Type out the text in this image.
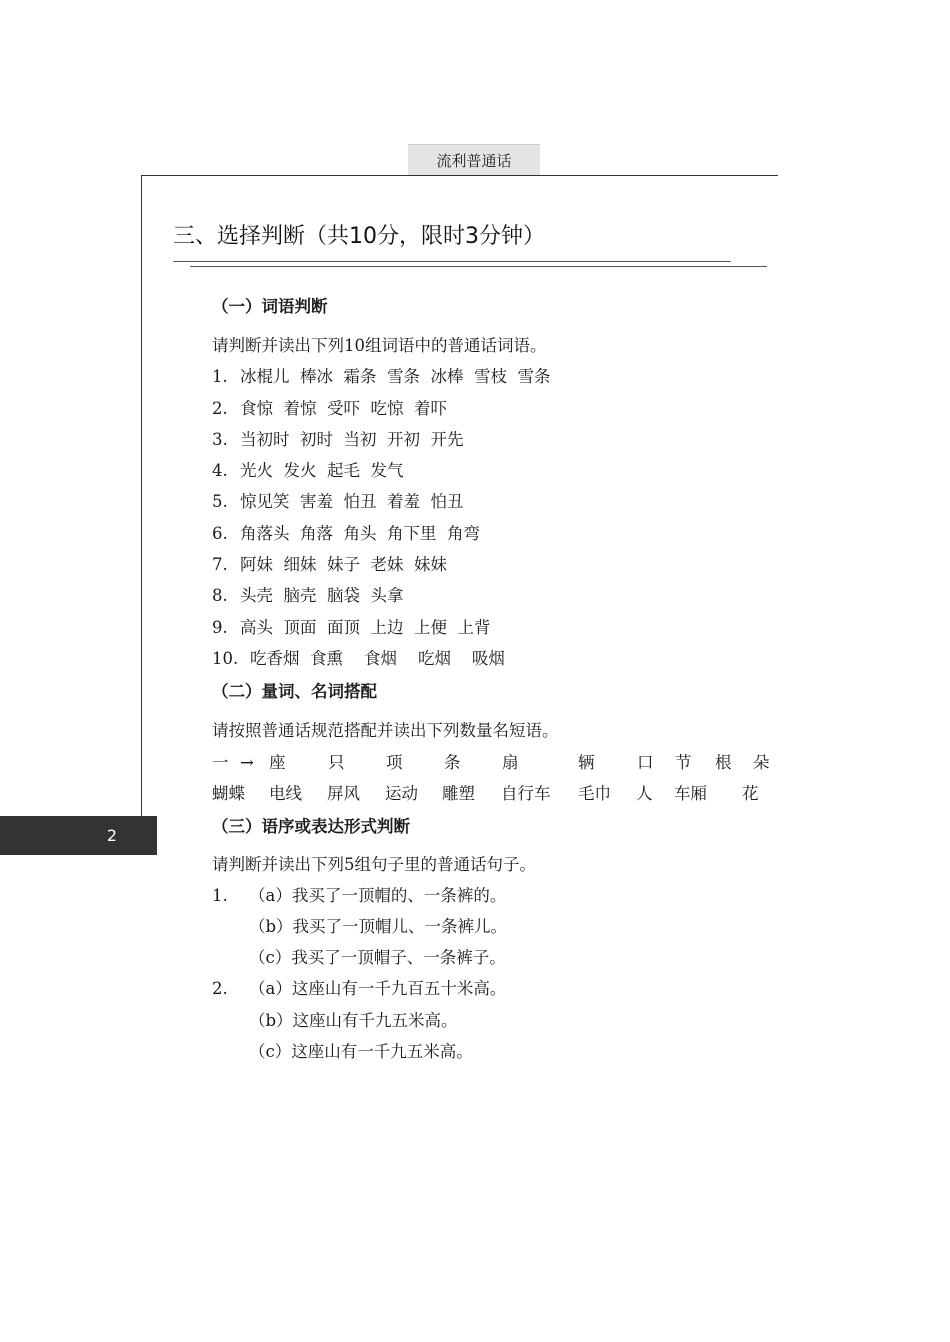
流利普通话
2
三、选择判断（共10分，限时3分钟）
（一）词语判断
请判断并读出下列10组词语中的普通话词语。
1. 冰棍儿  棒冰  霜条  雪条  冰棒  雪枝  雪条
2. 食惊  着惊  受吓  吃惊  着吓
3. 当初时  初时  当初  开初  开先
4. 光火  发火  起毛  发气
5. 惊见笑  害羞  怕丑  着羞  怕丑
6. 角落头  角落  角头  角下里  角弯
7. 阿妹  细妹  妹子  老妹  妹妹
8. 头壳  脑壳  脑袋  头拿
9. 高头  顶面  面顶  上边  上便  上背
10. 吃香烟  食熏    食烟    吃烟    吸烟
（二）量词、名词搭配
请按照普通话规范搭配并读出下列数量名短语。
一 → 座	只	项	条	扇	辆	口 节 根 朵
蝴蝶 电线 屏风 运动 雕塑 自行车 毛巾 人 车厢 花
（三）语序或表达形式判断
请判断并读出下列5组句子里的普通话句子。
1. （a）我买了一顶帽的、一条裤的。
（b）我买了一顶帽儿、一条裤儿。
（c）我买了一顶帽子、一条裤子。
2. （a）这座山有一千九百五十米高。
（b）这座山有千九五米高。
（c）这座山有一千九五米高。
